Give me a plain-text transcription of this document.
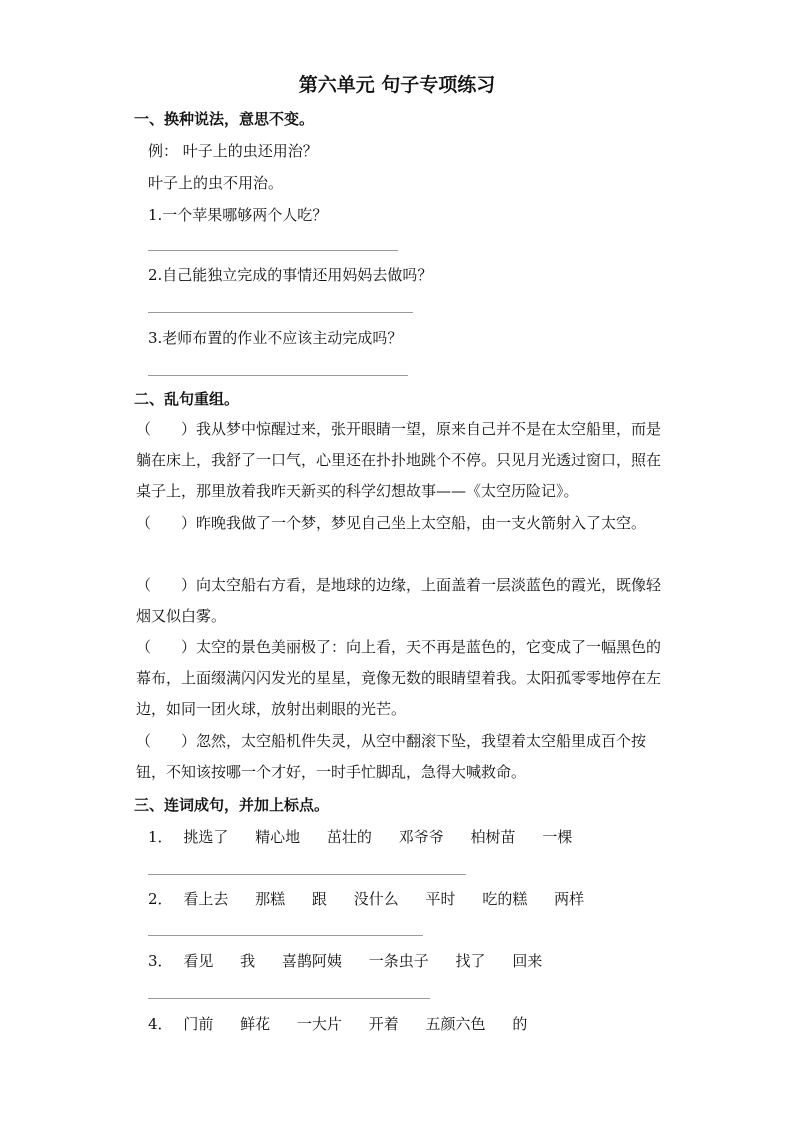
第六单元 句子专项练习
一、换种说法，意思不变。
例： 叶子上的虫还用治？
叶子上的虫不用治。
1.一个苹果哪够两个人吃？
2.自己能独立完成的事情还用妈妈去做吗？
3.老师布置的作业不应该主动完成吗？
二、乱句重组。
（　　）我从梦中惊醒过来，张开眼睛一望，原来自己并不是在太空船里，而是躺在床上，我舒了一口气，心里还在扑扑地跳个不停。只见月光透过窗口，照在桌子上，那里放着我昨天新买的科学幻想故事——《太空历险记》。
（　　）昨晚我做了一个梦，梦见自己坐上太空船，由一支火箭射入了太空。
（　　）向太空船右方看，是地球的边缘，上面盖着一层淡蓝色的霞光，既像轻烟又似白雾。
（　　）太空的景色美丽极了：向上看，天不再是蓝色的，它变成了一幅黑色的幕布，上面缀满闪闪发光的星星，竟像无数的眼睛望着我。太阳孤零零地停在左边，如同一团火球，放射出刺眼的光芒。
（　　）忽然，太空船机件失灵，从空中翻滚下坠，我望着太空船里成百个按钮，不知该按哪一个才好，一时手忙脚乱，急得大喊救命。
三、连词成句，并加上标点。
1． 挑选了 精心地 茁壮的 邓爷爷 柏树苗 一棵
2． 看上去 那糕 跟 没什么 平时 吃的糕 两样
3． 看见 我 喜鹊阿姨 一条虫子 找了 回来
4． 门前 鲜花 一大片 开着 五颜六色 的
